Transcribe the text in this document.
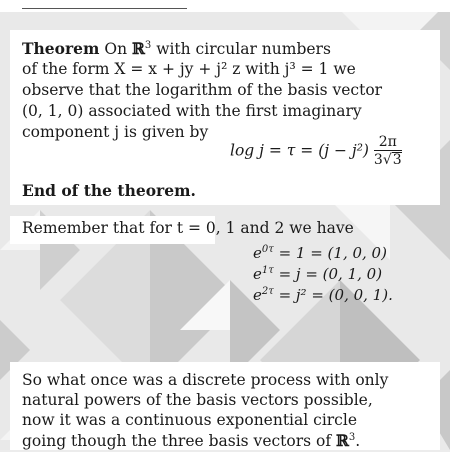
Theorem On ℝ$^3$ with circular numbers
of the form X = x + jy + j² z with j³ = 1 we
observe that the logarithm of the basis vector
(0, 1, 0) associated with the first imaginary
component j is given by
$\log j = \tau = (j - j^2) \frac{2\pi}{3√3}$
End of the theorem.
Remember that for t = 0, 1 and 2 we have
$e^{0\tau} = 1 = (1$, 0, 0)
$e^{1\tau} = j = (0$, 1, 0)
$e^{2\tau} = j^2 = (0$, 0, 1).
So what once was a discrete process with only
natural powers of the basis vectors possible,
now it was a continuous exponential circle
going though the three basis vectors of ℝ$^3$.
